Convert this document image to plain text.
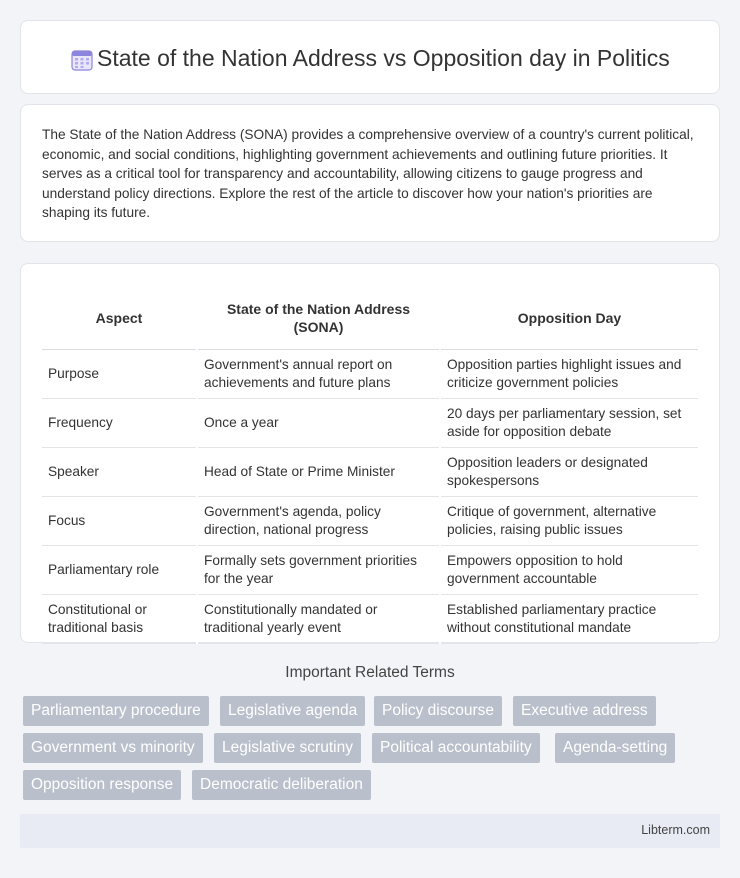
State of the Nation Address vs Opposition day in Politics

The State of the Nation Address (SONA) provides a comprehensive overview of a country's current political, economic, and social conditions, highlighting government achievements and outlining future priorities. It serves as a critical tool for transparency and accountability, allowing citizens to gauge progress and understand policy directions. Explore the rest of the article to discover how your nation's priorities are shaping its future.

Aspect	State of the Nation Address (SONA)	Opposition Day
Purpose	Government's annual report on achievements and future plans	Opposition parties highlight issues and criticize government policies
Frequency	Once a year	20 days per parliamentary session, set aside for opposition debate
Speaker	Head of State or Prime Minister	Opposition leaders or designated spokespersons
Focus	Government's agenda, policy direction, national progress	Critique of government, alternative policies, raising public issues
Parliamentary role	Formally sets government priorities for the year	Empowers opposition to hold government accountable
Constitutional or traditional basis	Constitutionally mandated or traditional yearly event	Established parliamentary practice without constitutional mandate
Important Related Terms
Parliamentary procedure	Legislative agenda	Policy discourse	Executive address
Government vs minority	Legislative scrutiny	Political accountability	Agenda-setting
Opposition response	Democratic deliberation
Libterm.com
